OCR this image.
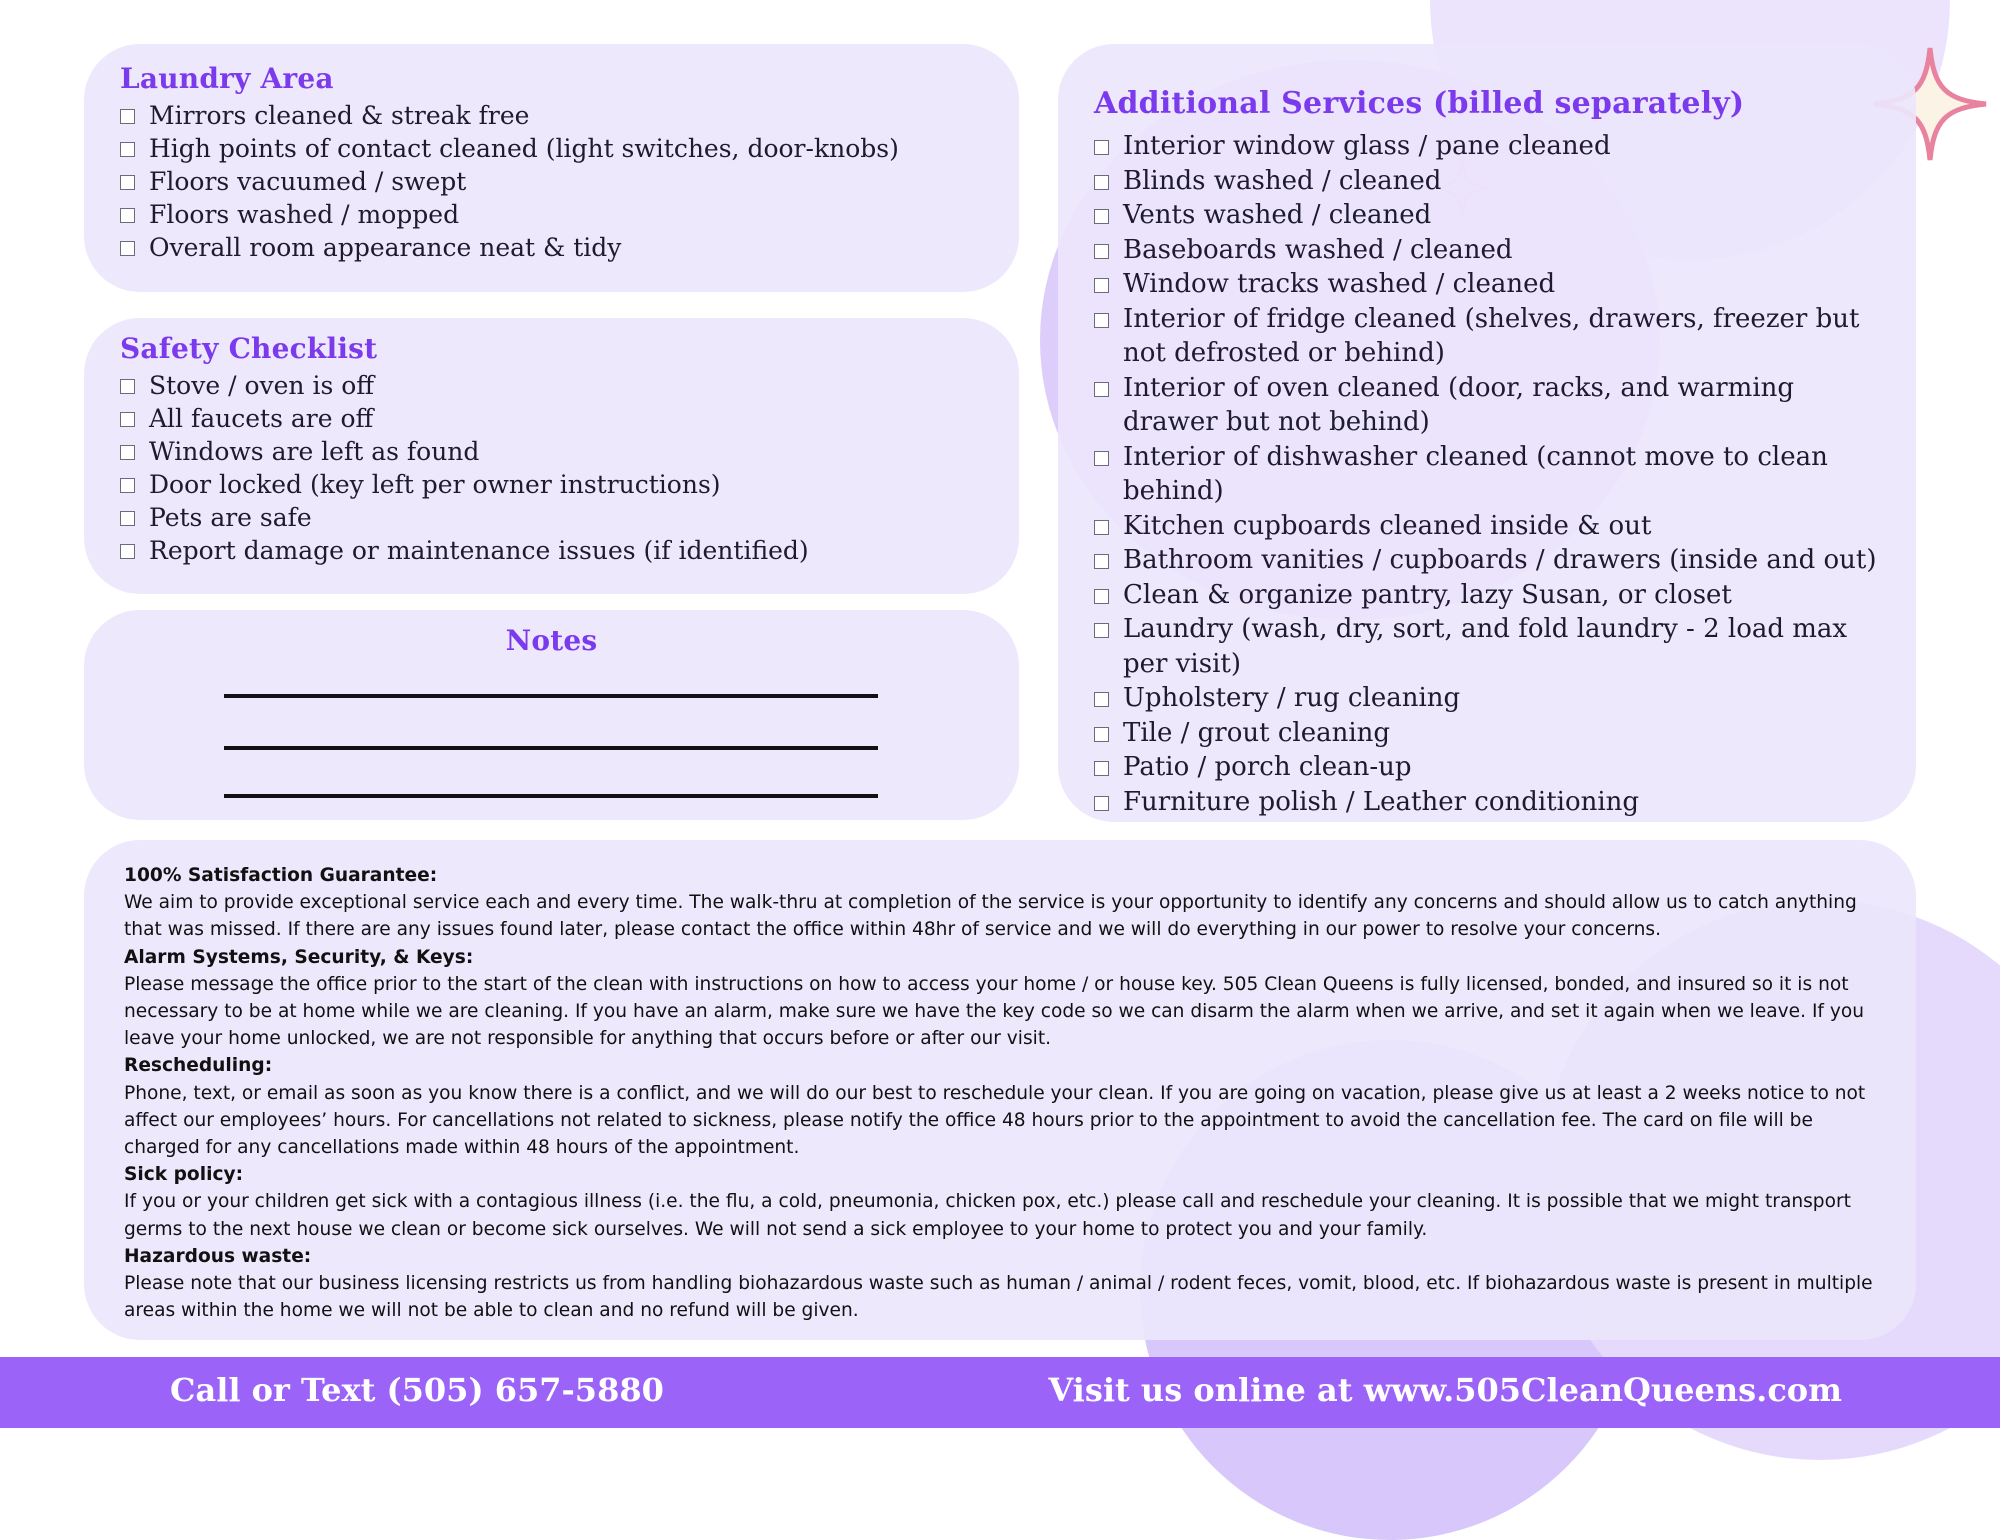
Laundry Area
Mirrors cleaned & streak free
High points of contact cleaned (light switches, door-knobs)
Floors vacuumed / swept
Floors washed / mopped
Overall room appearance neat & tidy
Safety Checklist
Stove / oven is off
All faucets are off
Windows are left as found
Door locked (key left per owner instructions)
Pets are safe
Report damage or maintenance issues (if identified)
Notes
Additional Services (billed separately)
Interior window glass / pane cleaned
Blinds washed / cleaned
Vents washed / cleaned
Baseboards washed / cleaned
Window tracks washed / cleaned
Interior of fridge cleaned (shelves, drawers, freezer but not defrosted or behind)
Interior of oven cleaned (door, racks, and warming drawer but not behind)
Interior of dishwasher cleaned (cannot move to clean behind)
Kitchen cupboards cleaned inside & out
Bathroom vanities / cupboards / drawers (inside and out)
Clean & organize pantry, lazy Susan, or closet
Laundry (wash, dry, sort, and fold laundry - 2 load max per visit)
Upholstery / rug cleaning
Tile / grout cleaning
Patio / porch clean-up
Furniture polish / Leather conditioning

100% Satisfaction Guarantee:

We aim to provide exceptional service each and every time. The walk-thru at completion of the service is your opportunity to identify any concerns and should allow us to catch anything that was missed. If there are any issues found later, please contact the office within 48hr of service and we will do everything in our power to resolve your concerns.

Alarm Systems, Security, & Keys:

Please message the office prior to the start of the clean with instructions on how to access your home / or house key. 505 Clean Queens is fully licensed, bonded, and insured so it is not necessary to be at home while we are cleaning. If you have an alarm, make sure we have the key code so we can disarm the alarm when we arrive, and set it again when we leave. If you leave your home unlocked, we are not responsible for anything that occurs before or after our visit.

Rescheduling:

Phone, text, or email as soon as you know there is a conflict, and we will do our best to reschedule your clean. If you are going on vacation, please give us at least a 2 weeks notice to not affect our employees’ hours. For cancellations not related to sickness, please notify the office 48 hours prior to the appointment to avoid the cancellation fee. The card on file will be charged for any cancellations made within 48 hours of the appointment.

Sick policy:

If you or your children get sick with a contagious illness (i.e. the flu, a cold, pneumonia, chicken pox, etc.) please call and reschedule your cleaning. It is possible that we might transport germs to the next house we clean or become sick ourselves. We will not send a sick employee to your home to protect you and your family.

Hazardous waste:

Please note that our business licensing restricts us from handling biohazardous waste such as human / animal / rodent feces, vomit, blood, etc. If biohazardous waste is present in multiple areas within the home we will not be able to clean and no refund will be given.

Call or Text (505) 657-5880	Visit us online at www.505CleanQueens.com
